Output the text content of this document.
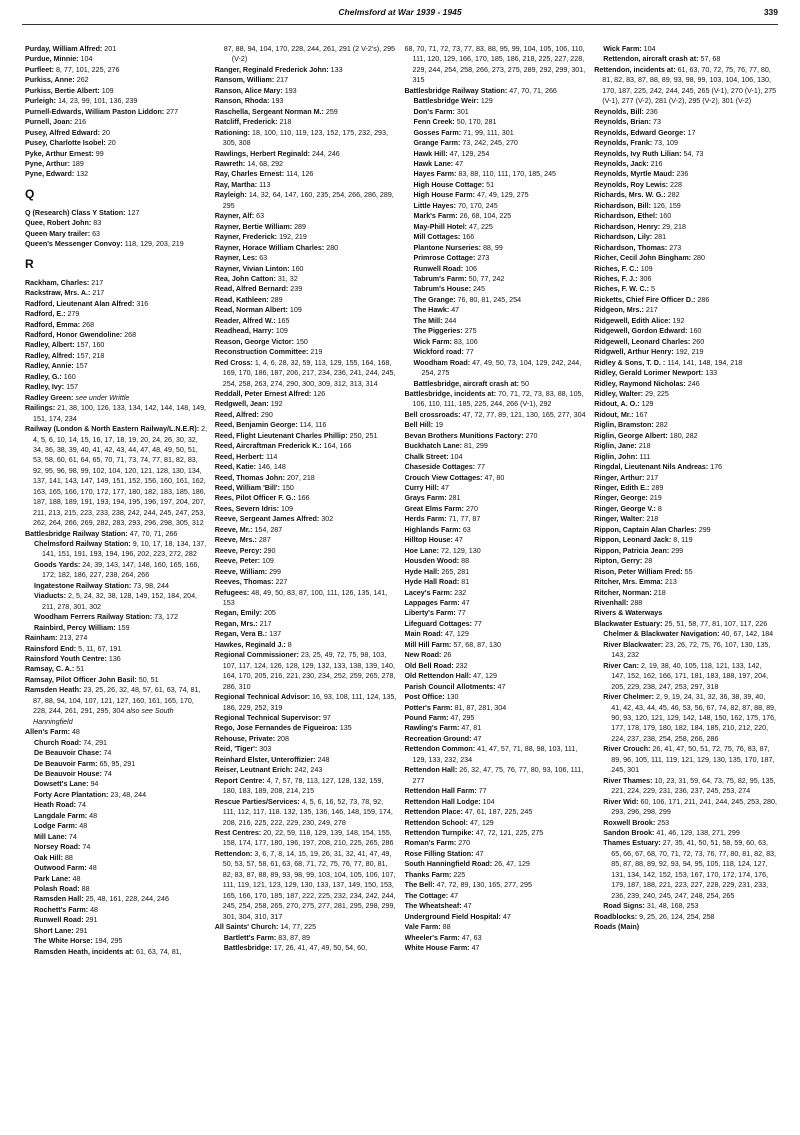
Chelmsford at War 1939 - 1945	339
Purday, William Alfred: 201
Purdue, Minnie: 104
Purfleet: 8, 77, 101, 225, 276
Purkiss, Anne: 262
Purkiss, Bertie Albert: 109
Purleigh: 14, 23, 99, 101, 136, 239
Purnell-Edwards, William Paston Liddon: 277
Purnell, Joan: 216
Pusey, Alfred Edward: 20
Pusey, Charlotte Isobel: 20
Pyke, Arthur Ernest: 99
Pyne, Arthur: 189
Pyne, Edward: 132
Q
Q (Research) Class Y Station: 127
Quee, Robert John: 83
Queen Mary trailer: 63
Queen's Messenger Convoy: 118, 129, 203, 219
R
Rackham, Charles: 217
Rackstraw, Mrs. A.: 217
Radford, Lieutenant Alan Alfred: 316
Radford, E.: 279
Radford, Emma: 268
Radford, Honor Gwendoline: 268
Radley, Albert: 157, 160
Radley, Alfred: 157, 218
Radley, Annie: 157
Radley, G.: 160
Radley, Ivy: 157
Radley Green: see under Writtle
Railings: 21, 38, 100, 126, 133, 134, 142, 144, 148, 149, 151, 174, 234
Railway (London & North Eastern Railway/L.N.E.R): 2, 4, 5, 6, 10, 14, 15, 16, 17, 18, 19, 20, 24, 26, 30, 32, 34, 36, 38, 39, 40, 41, 42, 43, 44, 47, 48, 49, 50, 51, 53, 58, 60, 61, 64, 65, 70, 71, 73, 74, 77, 81, 82, 83, 92, 95, 96, 98, 99, 102, 104, 120, 121, 128, 130, 134, 137, 141, 143, 147, 149, 151, 152, 156, 160, 161, 162, 163, 165, 166, 170, 172, 177, 180, 182, 183, 185, 186, 187, 188, 189, 191, 193, 194, 195, 196, 197, 204, 207, 211, 213, 215, 223, 233, 238, 242, 244, 245, 247, 253, 262, 264, 266, 269, 282, 283, 293, 296, 298, 305, 312
Battlesbridge Railway Station: 47, 70, 71, 266
Chelmsford Railway Station: 9, 10, 17, 18, 134, 137, 141, 151, 191, 193, 194, 196, 202, 223, 272, 282
Goods Yards: 24, 39, 143, 147, 148, 160, 165, 166, 172, 182, 186, 227, 238, 264, 266
Ingatestone Railway Station: 73, 98, 244
Viaducts: 2, 5, 24, 32, 38, 128, 149, 152, 184, 204, 211, 278, 301, 302
Woodham Ferrers Railway Station: 73, 172
Rainbird, Percy William: 159
Rainham: 213, 274
Rainsford End: 5, 11, 67, 191
Rainsford Youth Centre: 136
Ramsay, C. A.: 51
Ramsay, Pilot Officer John Basil: 50, 51
Ramsden Heath: 23, 25, 26, 32, 48, 57, 61, 63, 74, 81, 87, 88, 94, 104, 107, 121, 127, 160, 161, 165, 170, 228, 244, 261, 291, 295, 304 also see South Hanningfield
Allen's Farm: 48
Church Road: 74, 291
De Beauvoir Chase: 74
De Beauvoir Farm: 65, 95, 291
De Beauvoir House: 74
Dowsett's Lane: 94
Forty Acre Plantation: 23, 48, 244
Heath Road: 74
Langdale Farm: 48
Lodge Farm: 48
Mill Lane: 74
Norsey Road: 74
Oak Hill: 88
Outwood Farm: 48
Park Lane: 48
Polash Road: 88
Ramsden Hall: 25, 48, 161, 228, 244, 246
Rochett's Farm: 48
Runwell Road: 291
Short Lane: 291
The White Horse: 194, 295
Ramsden Heath, incidents at: 61, 63, 74, 81,
87, 88, 94, 104, 170, 228, 244, 261, 291 (2 V-2's), 295 (V-2)
Ranger, Reginald Frederick John: 133
Ransom, William: 217
Ranson, Alice Mary: 193
Ranson, Rhoda: 193
Raschella, Sergeant Norman M.: 259
Ratcliff, Frederick: 218
Rationing: 18, 100, 110, 119, 123, 152, 175, 232, 293, 305, 308
Rawlings, Herbert Reginald: 244, 246
Rawreth: 14, 68, 292
Ray, Charles Ernest: 114, 126
Ray, Martha: 113
Rayleigh: 14, 32, 64, 147, 160, 235, 254, 266, 286, 289, 295
Rayner, Alf: 63
Rayner, Bertie William: 289
Rayner, Frederick: 192, 219
Rayner, Horace William Charles: 280
Rayner, Les: 63
Rayner, Vivian Linton: 160
Rea, John Catton: 31, 32
Read, Alfred Bernard: 239
Read, Kathleen: 289
Read, Norman Albert: 109
Reader, Alfred W.: 165
Readhead, Harry: 109
Reason, George Victor: 150
Reconstruction Committee: 219
Red Cross: 1, 4, 6, 28, 32, 59, 113, 129, 155, 164, 168, 169, 170, 186, 187, 206, 217, 234, 236, 241, 244, 245, 254, 258, 263, 274, 290, 300, 309, 312, 313, 314
Reddall, Peter Ernest Alfred: 126
Redgwell, Jean: 192
Reed, Alfred: 290
Reed, Benjamin George: 114, 116
Reed, Flight Lieutenant Charles Phillip: 250, 251
Reed, Aircraftman Frederick K.: 164, 166
Reed, Herbert: 114
Reed, Katie: 146, 148
Reed, Thomas John: 207, 218
Reed, William 'Bill': 150
Rees, Pilot Officer F. G.: 166
Rees, Severn Idris: 109
Reeve, Sergeant James Alfred: 302
Reeve, Mr.: 154, 287
Reeve, Mrs.: 287
Reeve, Percy: 290
Reeve, Peter: 109
Reeve, William: 299
Reeves, Thomas: 227
Refugees: 48, 49, 50, 83, 87, 100, 111, 126, 135, 141, 153
Regan, Emily: 205
Regan, Mrs.: 217
Regan, Vera B.: 137
Hawkes, Reginald J.: 8
Regional Commissioner: 23, 25, 49, 72, 75, 98, 103, 107, 117, 124, 126, 128, 129, 132, 133, 138, 139, 140, 164, 170, 205, 216, 221, 230, 234, 252, 259, 265, 278, 286, 310
Regional Technical Advisor: 16, 93, 108, 111, 124, 135, 186, 229, 252, 319
Regional Technical Supervisor: 97
Rego, Jose Fernandes de Figueiroa: 135
Rehouse, Private: 208
Reid, 'Tiger': 303
Reinhard Elster, Unteroffizier: 248
Reiser, Leutnant Erich: 242, 243
Report Centre: 4, 7, 57, 78, 113, 127, 128, 132, 159, 180, 183, 189, 208, 214, 215
Rescue Parties/Services: 4, 5, 6, 16, 52, 73, 78, 92, 111, 112, 117, 118. 132, 135, 136, 146, 148, 159, 174, 208, 216, 225, 222, 229, 230, 249, 278
Rest Centres: 20, 22, 59, 118, 129, 139, 148, 154, 155, 158, 174, 177, 180, 196, 197, 208, 210, 225, 265, 286
Rettendon: 3, 6, 7, 8, 14, 15, 19, 26, 31, 32, 41, 47, 49, 50, 53, 57, 58, 61, 63, 68, 71, 72, 75, 76, 77, 80, 81, 82, 83, 87, 88, 89, 93, 98, 99, 103, 104, 105, 106, 107, 111, 119, 121, 123, 129, 130, 133, 137, 149, 150, 153, 165, 166, 170, 185, 187, 222, 225, 232, 234, 242, 244, 245, 254, 258, 265, 270, 275, 277, 281, 295, 298, 299, 301, 304, 310, 317
All Saints' Church: 14, 77, 225
Bartlett's Farm: 83, 87, 89
Battlesbridge: 17, 26, 41, 47, 49, 50, 54, 60,
68, 70, 71, 72, 73, 77, 83, 88, 95, 99, 104, 105, 106, 110, 111, 120, 129, 166, 170, 185, 186, 218, 225, 227, 228, 229, 244, 254, 258, 266, 273, 275, 289, 292, 299, 301, 315
Battlesbridge Railway Station: 47, 70, 71, 266
Battlesbridge Weir: 129
Don's Farm: 301
Fenn Creek: 50, 170, 281
Gosses Farm: 71, 99, 111, 301
Grange Farm: 73, 242, 245, 270
Hawk Hill: 47, 129, 254
Hawk Lane: 47
Hayes Farm: 83, 88, 110, 111, 170, 185, 245
High House Cottage: 51
High House Farm: 47, 49, 129, 275
Little Hayes: 70, 170, 245
Mark's Farm: 26, 68, 104, 225
May-Phill Hotel: 47, 225
Mill Cottages: 166
Plantone Nurseries: 88, 99
Primrose Cottage: 273
Runwell Road: 106
Tabrum's Farm: 50, 77, 242
Tabrum's House: 245
The Grange: 76, 80, 81, 245, 254
The Hawk: 47
The Mill: 244
The Piggeries: 275
Wick Farm: 83, 106
Wickford road: 77
Woodham Road: 47, 49, 50, 73, 104, 129, 242, 244, 254, 275
Battlesbridge, aircraft crash at: 50
Battlesbridge, incidents at: 70, 71, 72, 73, 83, 88, 105, 106, 110, 111, 185, 225, 244, 266 (V-1), 292
Bell crossroads: 47, 72, 77, 89, 121, 130, 165, 277, 304
Bell Hill: 19
Bevan Brothers Munitions Factory: 270
Buckhatch Lane: 81, 299
Chalk Street: 104
Chaseside Cottages: 77
Crouch View Cottages: 47, 80
Curry Hill: 47
Grays Farm: 281
Great Elms Farm: 270
Herds Farm: 71, 77, 87
Highlands Farm: 63
Hilltop House: 47
Hoe Lane: 72, 129, 130
Housden Wood: 88
Hyde Hall: 265, 281
Hyde Hall Road: 81
Lacey's Farm: 232
Lappages Farm: 47
Liberty's Farm: 77
Lifeguard Cottages: 77
Main Road: 47, 129
Mill Hill Farm: 57, 68, 87, 130
New Road: 26
Old Bell Road: 232
Old Rettendon Hall: 47, 129
Parish Council Allotments: 47
Post Office: 130
Potter's Farm: 81, 87, 281, 304
Pound Farm: 47, 295
Rawling's Farm: 47, 81
Recreation Ground: 47
Rettendon Common: 41, 47, 57, 71, 88, 98, 103, 111, 129, 133, 232, 234
Rettendon Hall: 26, 32, 47, 75, 76, 77, 80, 93, 106, 111, 277
Rettendon Hall Farm: 77
Rettendon Hall Lodge: 104
Rettendon Place: 47, 61, 187, 225, 245
Rettendon School: 47, 129
Rettendon Turnpike: 47, 72, 121, 225, 275
Roman's Farm: 270
Rose Filling Station: 47
South Hanningfield Road: 26, 47, 129
Thanks Farm: 225
The Bell: 47, 72, 89, 130, 165, 277, 295
The Cottage: 47
The Wheatsheaf: 47
Underground Field Hospital: 47
Vale Farm: 88
Wheeler's Farm: 47, 63
White House Farm: 47
Wick Farm: 104
Rettendon, aircraft crash at: 57, 68
Rettendon, incidents at: 61, 63, 70, 72, 75, 76, 77, 80, 81, 82, 83, 87, 88, 89, 93, 98, 99, 103, 104, 106, 130, 170, 187, 225, 242, 244, 245, 265 (V-1), 270 (V-1), 275 (V-1), 277 (V-2), 281 (V-2), 295 (V-2), 301 (V-2)
Reynolds, Bill: 236
Reynolds, Brian: 73
Reynolds, Edward George: 17
Reynolds, Frank: 73, 109
Reynolds, Ivy Ruth Lilian: 54, 73
Reynolds, Jack: 216
Reynolds, Myrtle Maud: 236
Reynolds, Roy Lewis: 228
Richards, Mrs. W. G.: 282
Richardson, Bill: 126, 159
Richardson, Ethel: 160
Richardson, Henry: 29, 218
Richardson, Lily: 281
Richardson, Thomas: 273
Richer, Cecil John Bingham: 280
Riches, F. C.: 109
Riches, F. J.: 306
Riches, F. W. C.: 5
Ricketts, Chief Fire Officer D.: 286
Ridgeon, Mrs.: 217
Ridgewell, Edith Alice: 192
Ridgewell, Gordon Edward: 160
Ridgewell, Leonard Charles: 260
Ridgwell, Arthur Henry: 192, 219
Ridley & Sons, T. D. : 114, 141, 148, 194, 218
Ridley, Gerald Lorimer Newport: 133
Ridley, Raymond Nicholas: 246
Ridley, Walter: 29, 225
Ridout, A. O.: 129
Ridout, Mr.: 167
Riglin, Bramston: 282
Riglin, George Albert: 180, 282
Riglin, Jane: 218
Riglin, John: 111
Ringdal, Lieutenant Nils Andreas: 176
Ringer, Arthur: 217
Ringer, Edith E.: 289
Ringer, George: 219
Ringer, George V.: 8
Ringer, Walter: 218
Rippon, Captain Alan Charles: 299
Rippon, Leonard Jack: 8, 119
Rippon, Patricia Jean: 299
Ripton, Gerry: 28
Rison, Peter William Fred: 55
Ritcher, Mrs. Emma: 213
Ritcher, Norman: 218
Rivenhall: 288
Rivers & Waterways
Blackwater Estuary: 25, 51, 58, 77, 81, 107, 117, 226
Chelmer & Blackwater Navigation: 40, 67, 142, 184
River Blackwater: 23, 26, 72, 75, 76, 107, 130, 135, 143, 232
River Can: 2, 19, 38, 40, 105, 118, 121, 133, 142, 147, 152, 162, 166, 171, 181, 183, 188, 197, 204, 205, 229, 238, 247, 253, 297, 318
River Chelmer: 2, 9, 19, 24, 31, 32, 36, 38, 39, 40, 41, 42, 43, 44, 45, 46, 53, 56, 67, 74, 82, 87, 88, 89, 90, 93, 120, 121, 129, 142, 148, 150, 162, 175, 176, 177, 178, 179, 180, 182, 184, 185, 210, 212, 220, 224, 237, 238, 254, 258, 266, 286
River Crouch: 26, 41, 47, 50, 51, 72, 75, 76, 83, 87, 89, 96, 105, 111, 119, 121, 129, 130, 135, 170, 187, 245, 301
River Thames: 10, 23, 31, 59, 64, 73, 75, 82, 95, 135, 221, 224, 229, 231, 236, 237, 245, 253, 274
River Wid: 60, 106, 171, 211, 241, 244, 245, 253, 280, 293, 296, 298, 299
Roxwell Brook: 253
Sandon Brook: 41, 46, 129, 138, 271, 299
Thames Estuary: 27, 35, 41, 50, 51, 58, 59, 60, 63, 65, 66, 67, 68, 70, 71, 72, 73, 76, 77, 80, 81, 82, 83, 85, 87, 88, 89, 92, 93, 94, 95, 105, 118, 124, 127, 131, 134, 142, 152, 153, 167, 170, 172, 174, 176, 179, 187, 188, 221, 223, 227, 228, 229, 231, 233, 236, 239, 240, 245, 247, 248, 254, 265
Road Signs: 31, 48, 168, 253
Roadblocks: 9, 25, 26, 124, 254, 258
Roads (Main)
